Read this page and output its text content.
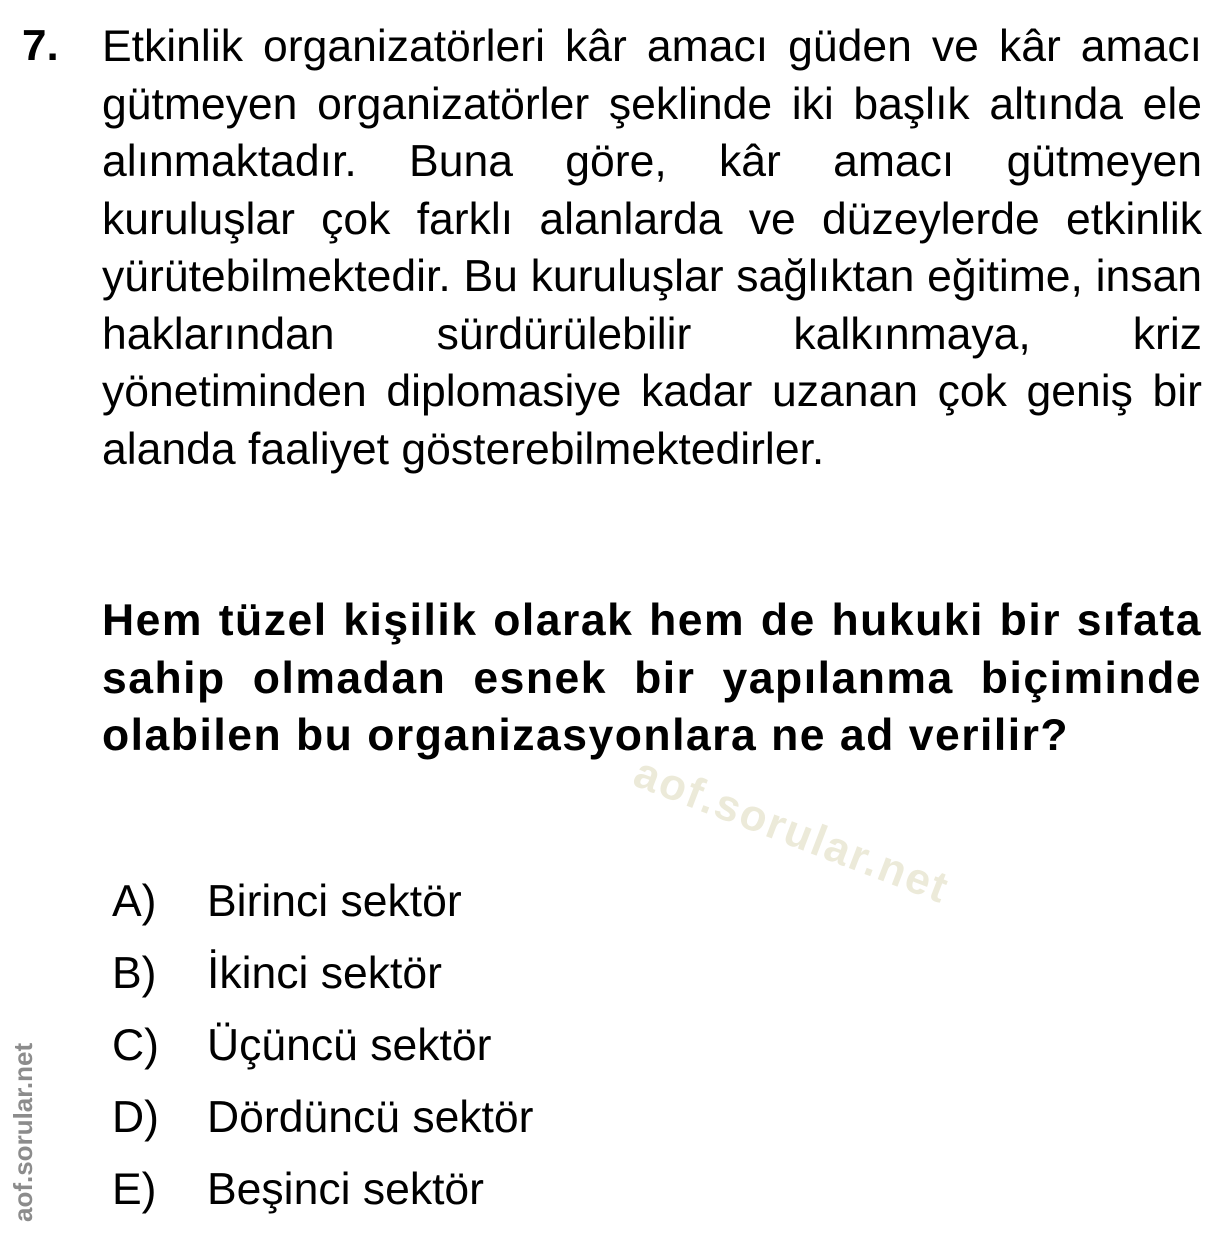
7. Etkinlik organizatörleri kâr amacı güden ve kâr amacı gütmeyen organizatörler şeklinde iki başlık altında ele alınmaktadır. Buna göre, kâr amacı gütmeyen kuruluşlar çok farklı alanlarda ve düzeylerde etkinlik yürütebilmektedir. Bu kuruluşlar sağlıktan eğitime, insan haklarından sürdürülebilir kalkınmaya, kriz yönetiminden diplomasiye kadar uzanan çok geniş bir alanda faaliyet gösterebilmektedirler.
Hem tüzel kişilik olarak hem de hukuki bir sıfata sahip olmadan esnek bir yapılanma biçiminde olabilen bu organizasyonlara ne ad verilir?
A)	Birinci sektör
B)	İkinci sektör
C)	Üçüncü sektör
D)	Dördüncü sektör
E)	Beşinci sektör
aof.sorular.net
aof.sorular.net
